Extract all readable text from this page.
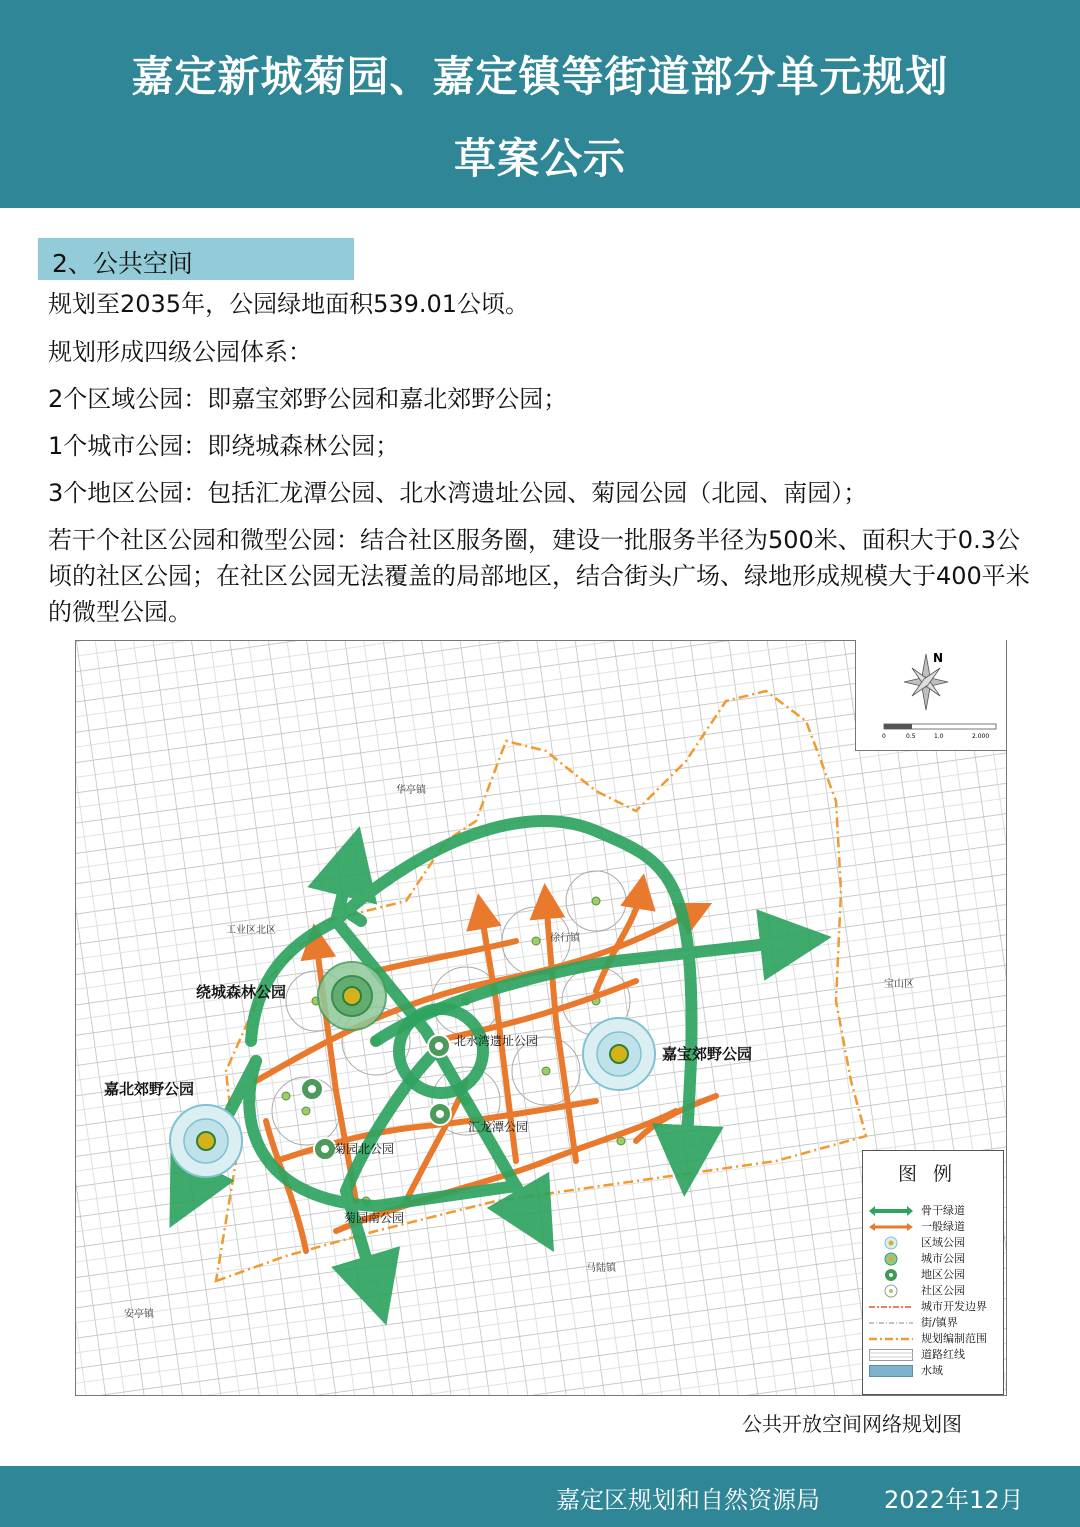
嘉定新城菊园、嘉定镇等街道部分单元规划
草案公示
2、公共空间
规划至2035年，公园绿地面积539.01公顷。
规划形成四级公园体系：
2个区域公园：即嘉宝郊野公园和嘉北郊野公园；
1个城市公园：即绕城森林公园；
3个地区公园：包括汇龙潭公园、北水湾遗址公园、菊园公园（北园、南园）；
若干个社区公园和微型公园：结合社区服务圈，建设一批服务半径为500米、面积大于0.3公顷的社区公园；在社区公园无法覆盖的局部地区，结合街头广场、绿地形成规模大于400平米的微型公园。
绕城森林公园
嘉北郊野公园
嘉宝郊野公园
北水湾遗址公园
汇龙潭公园
菊园北公园
菊园南公园
华亭镇
工业区北区
徐行镇
宝山区
安亭镇
马陆镇
N
0	0.5	1.0	2.000
图例
骨干绿道
一般绿道
区域公园
城市公园
地区公园
社区公园
城市开发边界
街/镇界
规划编制范围
道路红线
水域
公共开放空间网络规划图
嘉定区规划和自然资源局	2022年12月
